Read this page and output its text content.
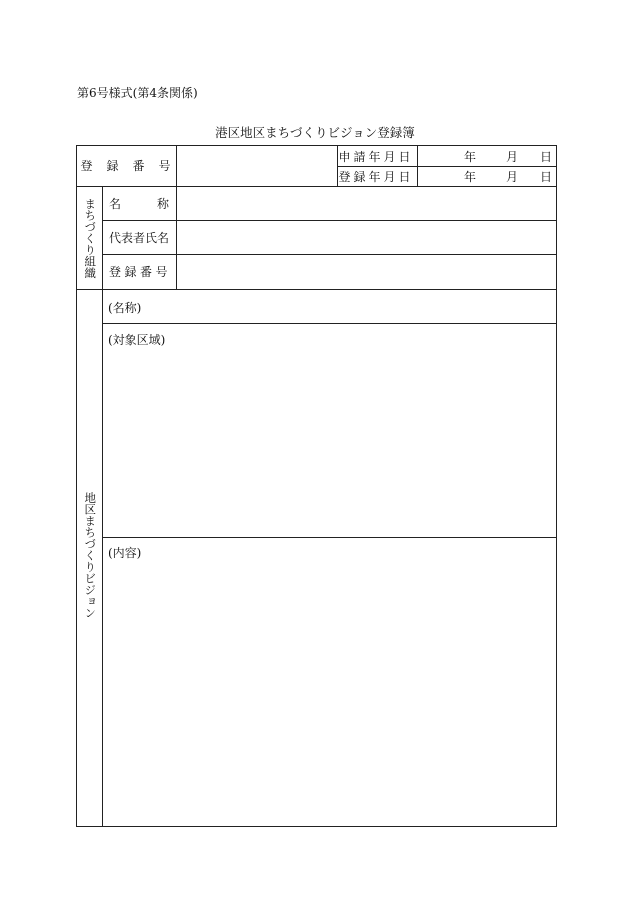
第6号様式(第4条関係)
港区地区まちづくりビジョン登録簿
登　録　番　号
申請年月日
登録年月日
年 月 日
年 月 日
まちづくり組織 名　　　称
代表者氏名
登録番号
地区まちづくりビジョン
(名称)
(対象区域)
(内容)
